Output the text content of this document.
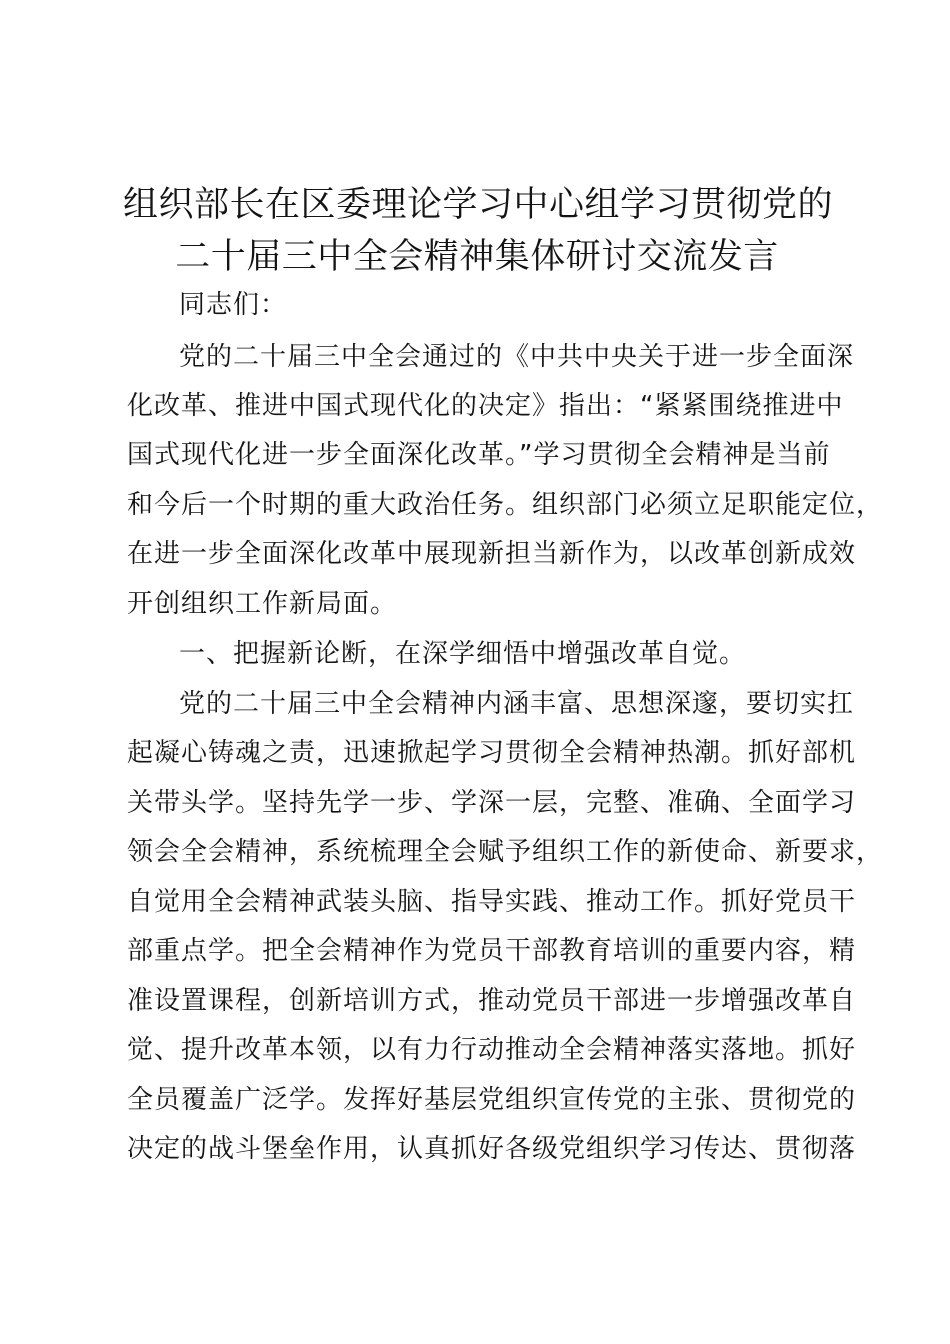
组织部长在区委理论学习中心组学习贯彻党的
二十届三中全会精神集体研讨交流发言
同志们：
党的二十届三中全会通过的《中共中央关于进一步全面深
化改革、推进中国式现代化的决定》指出：“紧紧围绕推进中
国式现代化进一步全面深化改革。”学习贯彻全会精神是当前
和今后一个时期的重大政治任务。组织部门必须立足职能定位，
在进一步全面深化改革中展现新担当新作为，以改革创新成效
开创组织工作新局面。
一、把握新论断，在深学细悟中增强改革自觉。
党的二十届三中全会精神内涵丰富、思想深邃，要切实扛
起凝心铸魂之责，迅速掀起学习贯彻全会精神热潮。抓好部机
关带头学。坚持先学一步、学深一层，完整、准确、全面学习
领会全会精神，系统梳理全会赋予组织工作的新使命、新要求，
自觉用全会精神武装头脑、指导实践、推动工作。抓好党员干
部重点学。把全会精神作为党员干部教育培训的重要内容，精
准设置课程，创新培训方式，推动党员干部进一步增强改革自
觉、提升改革本领，以有力行动推动全会精神落实落地。抓好
全员覆盖广泛学。发挥好基层党组织宣传党的主张、贯彻党的
决定的战斗堡垒作用，认真抓好各级党组织学习传达、贯彻落
